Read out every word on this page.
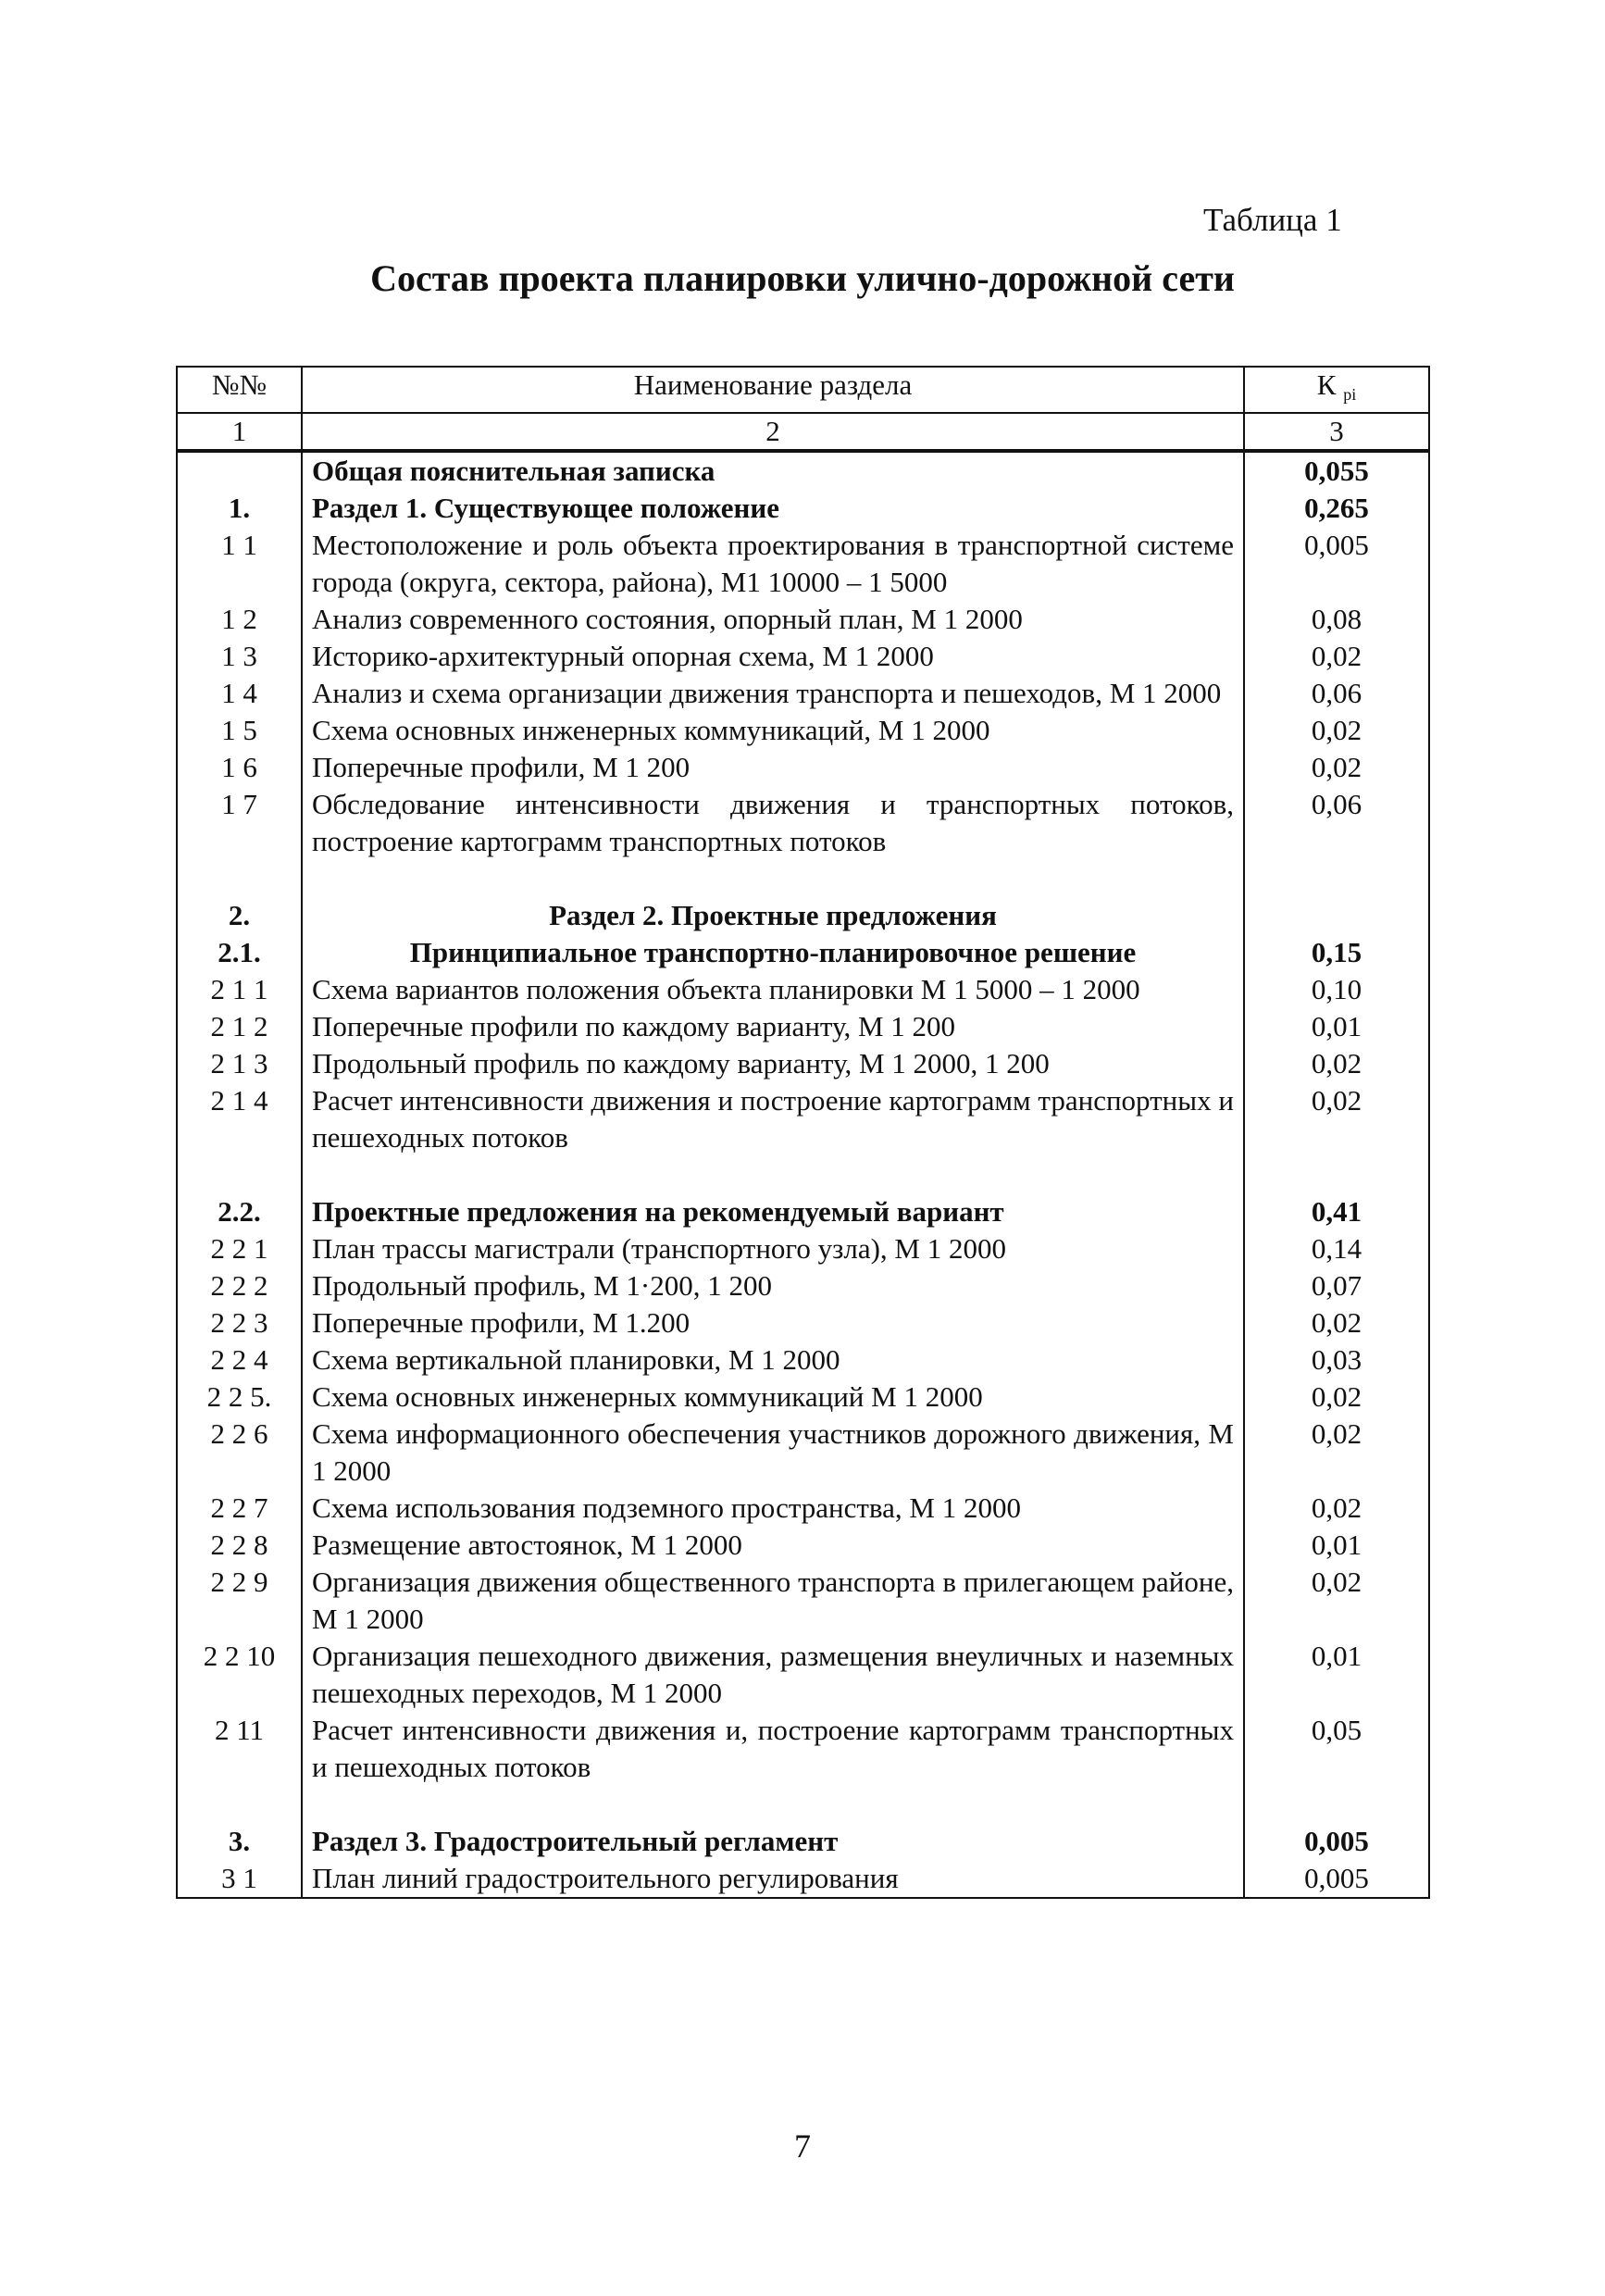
Таблица 1
Состав проекта планировки улично-дорожной сети
№№	Наименование раздела	К $_{pi}$
1	2	3
	Общая пояснительная записка	0,055
1.	Раздел 1. Существующее положение	0,265
1 1	Местоположение и роль объекта проектирования в транспортной системе города (округа, сектора, района), М1 10000 – 1 5000	0,005
1 2	Анализ современного состояния, опорный план, М 1 2000	0,08
1 3	Историко-архитектурный опорная схема, М 1 2000	0,02
1 4	Анализ и схема организации движения транспорта и пешеходов, М 1 2000	0,06
1 5	Схема основных инженерных коммуникаций, М 1 2000	0,02
1 6	Поперечные профили, М 1 200	0,02
1 7	Обследование интенсивности движения и транспортных потоков, построение картограмм транспортных потоков	0,06

2.	Раздел 2. Проектные предложения	
2.1.	Принципиальное транспортно-планировочное решение	0,15
2 1 1	Схема вариантов положения объекта планировки М 1 5000 – 1 2000	0,10
2 1 2	Поперечные профили по каждому варианту, М 1 200	0,01
2 1 3	Продольный профиль по каждому варианту, М 1 2000, 1 200	0,02
2 1 4	Расчет интенсивности движения и построение картограмм транспортных и пешеходных потоков	0,02

2.2.	Проектные предложения на рекомендуемый вариант	0,41
2 2 1	План трассы магистрали (транспортного узла), М 1 2000	0,14
2 2 2	Продольный профиль, М 1·200, 1 200	0,07
2 2 3	Поперечные профили, М 1.200	0,02
2 2 4	Схема вертикальной планировки, М 1 2000	0,03
2 2 5.	Схема основных инженерных коммуникаций М 1 2000	0,02
2 2 6	Схема информационного обеспечения участников дорожного движения, М 1 2000	0,02
2 2 7	Схема использования подземного пространства, М 1 2000	0,02
2 2 8	Размещение автостоянок, М 1 2000	0,01
2 2 9	Организация движения общественного транспорта в прилегающем районе, М 1 2000	0,02
2 2 10	Организация пешеходного движения, размещения внеуличных и наземных пешеходных переходов, М 1 2000	0,01
2 11	Расчет интенсивности движения и, построение картограмм транспортных и пешеходных потоков	0,05

3.	Раздел 3. Градостроительный регламент	0,005
3 1	План линий градостроительного регулирования	0,005
7
